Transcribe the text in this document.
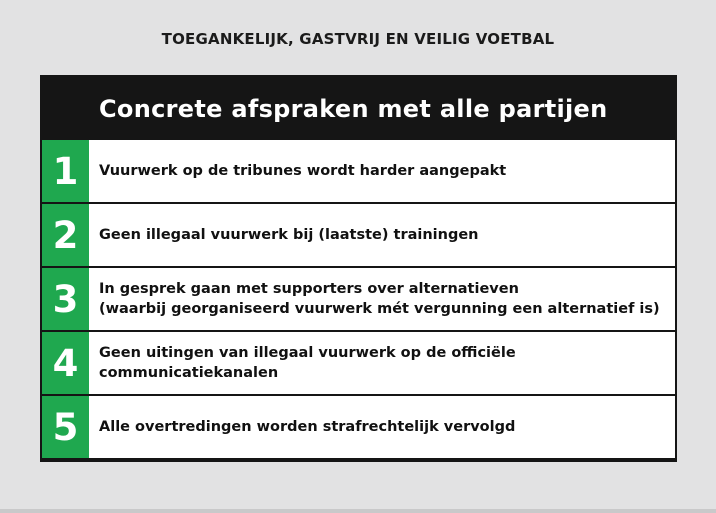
TOEGANKELIJK, GASTVRIJ EN VEILIG VOETBAL
Concrete afspraken met alle partijen
1	Vuurwerk op de tribunes wordt harder aangepakt
2	Geen illegaal vuurwerk bij (laatste) trainingen
3	In gesprek gaan met supporters over alternatieven
(waarbij georganiseerd vuurwerk mét vergunning een alternatief is)
4	Geen uitingen van illegaal vuurwerk op de officiële
communicatiekanalen
5	Alle overtredingen worden strafrechtelijk vervolgd
